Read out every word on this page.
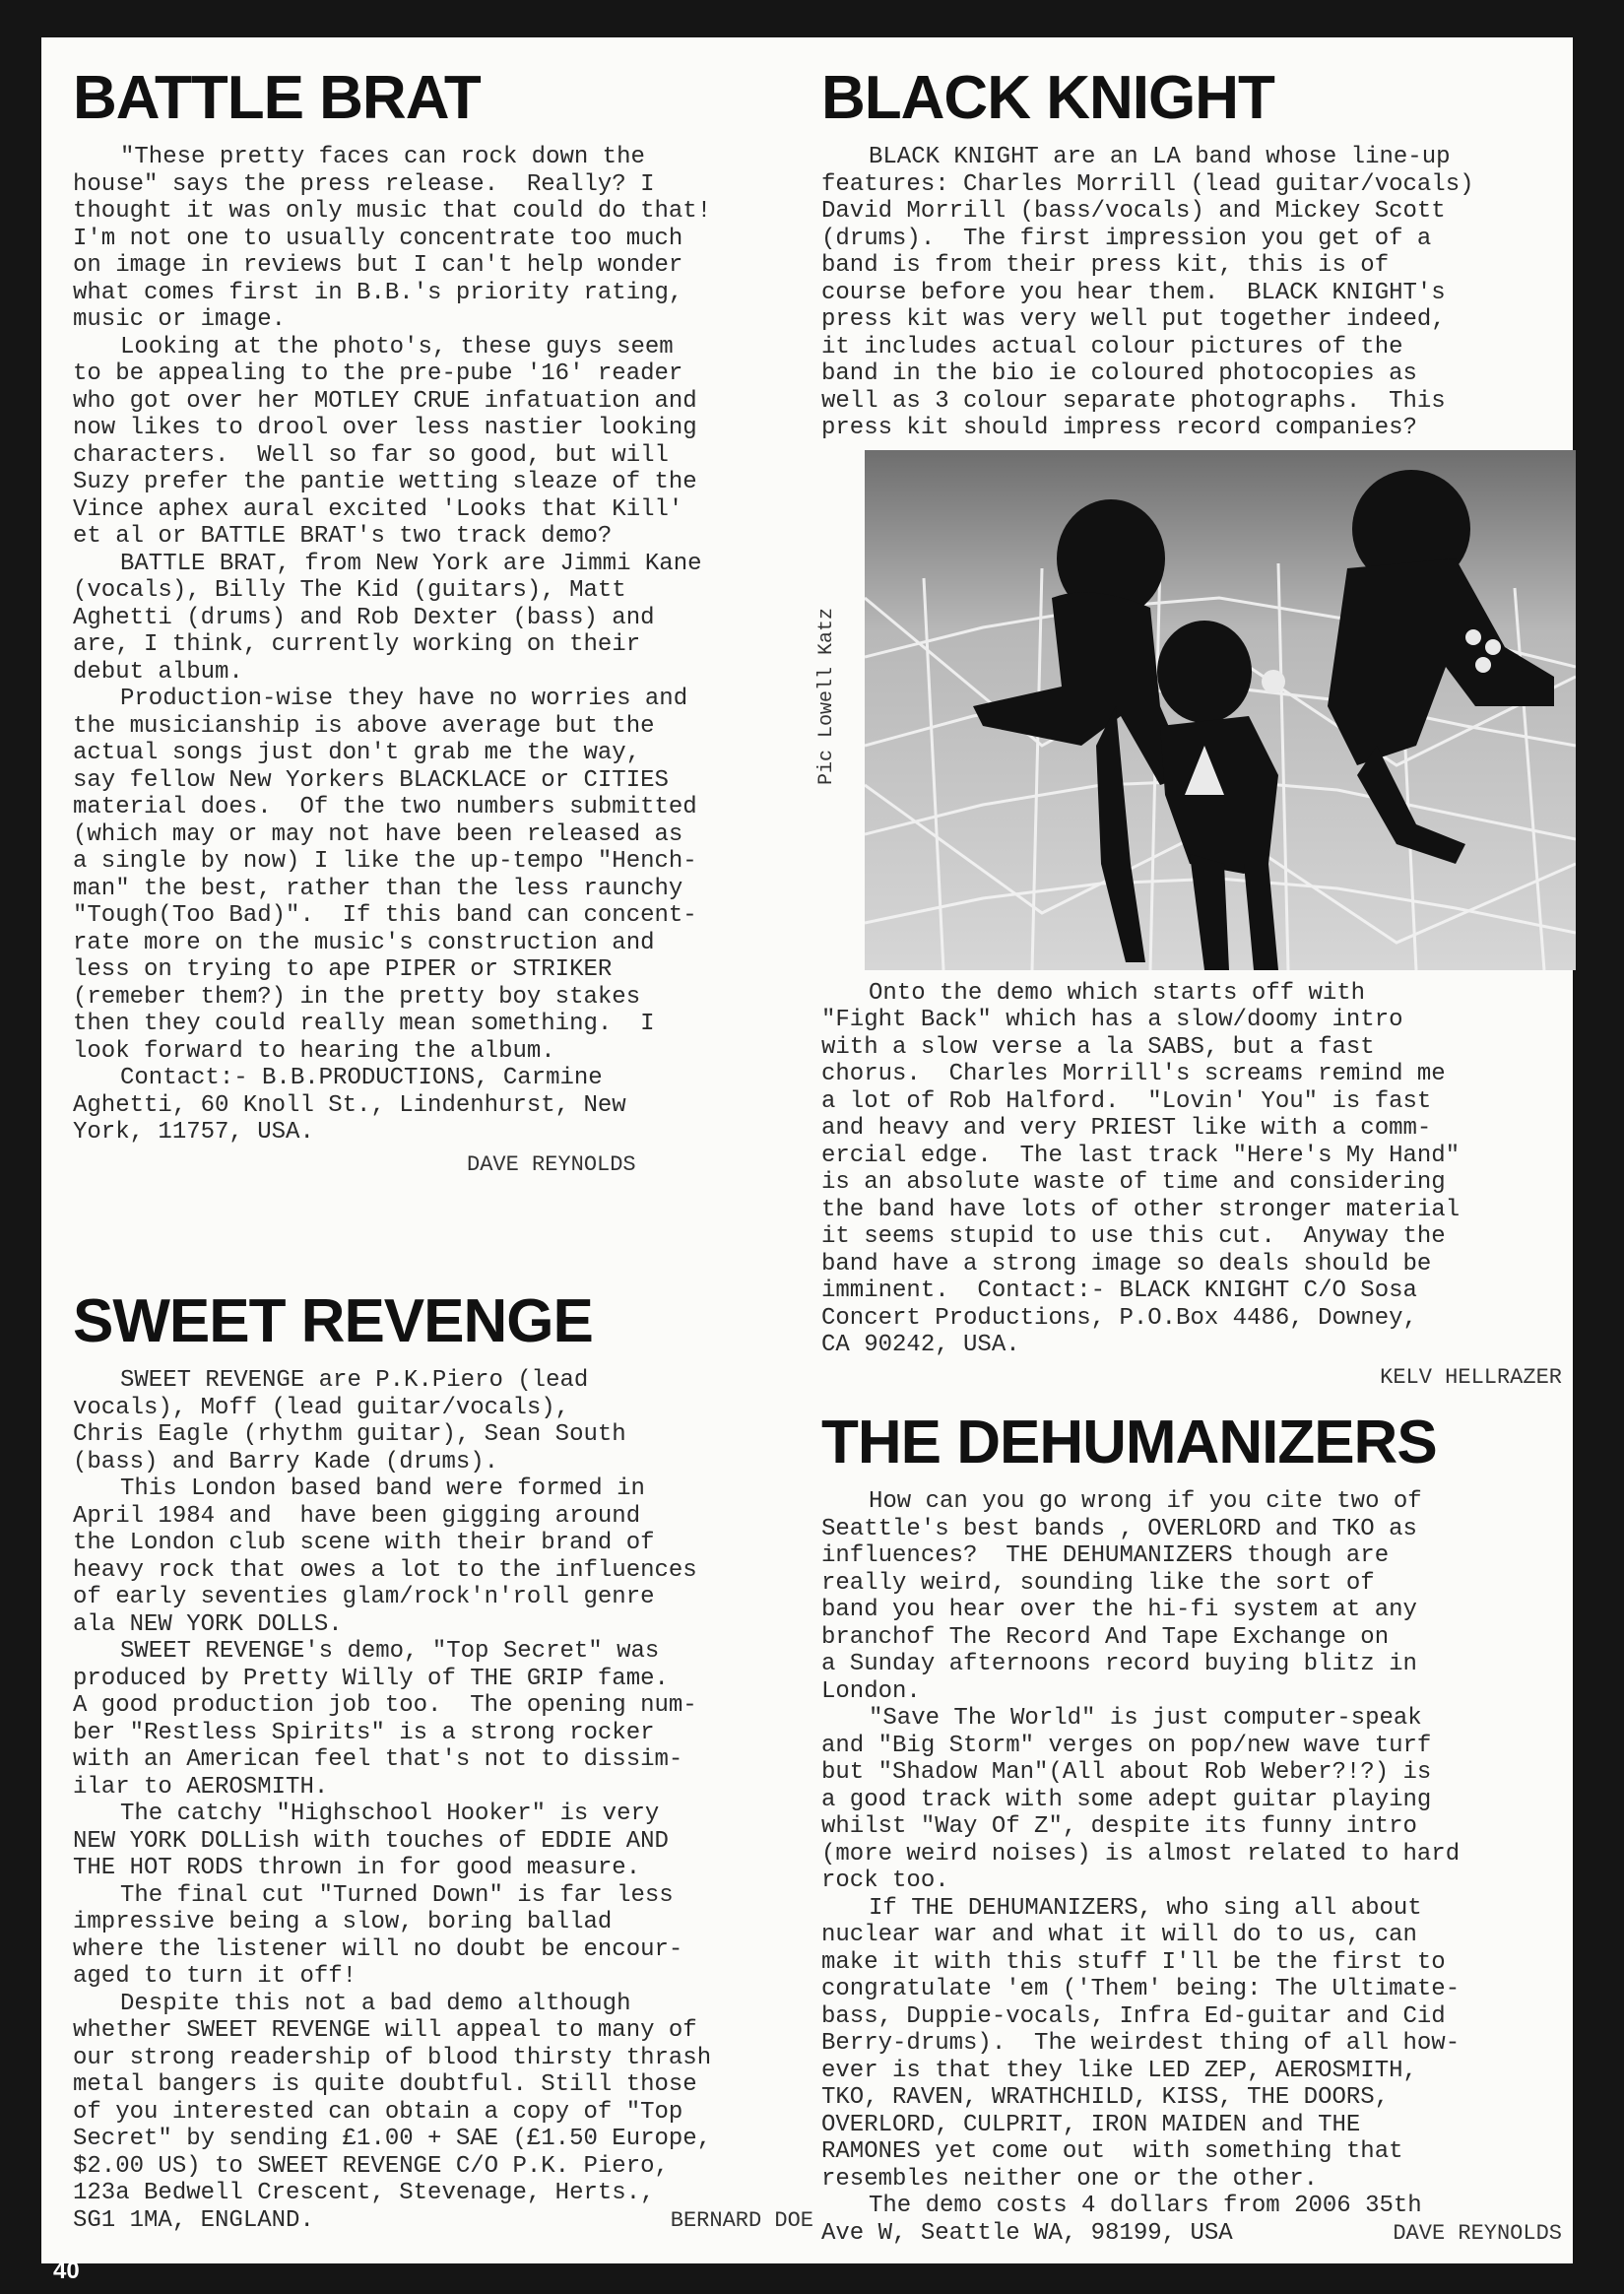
BATTLE BRAT

"These pretty faces can rock down the
house" says the press release.  Really? I
thought it was only music that could do that!
I'm not one to usually concentrate too much
on image in reviews but I can't help wonder
what comes first in B.B.'s priority rating,
music or image.

Looking at the photo's, these guys seem
to be appealing to the pre-pube '16' reader
who got over her MOTLEY CRUE infatuation and
now likes to drool over less nastier looking
characters.  Well so far so good, but will
Suzy prefer the pantie wetting sleaze of the
Vince aphex aural excited 'Looks that Kill'
et al or BATTLE BRAT's two track demo?

BATTLE BRAT, from New York are Jimmi Kane
(vocals), Billy The Kid (guitars), Matt
Aghetti (drums) and Rob Dexter (bass) and
are, I think, currently working on their
debut album.

Production-wise they have no worries and
the musicianship is above average but the
actual songs just don't grab me the way,
say fellow New Yorkers BLACKLACE or CITIES
material does.  Of the two numbers submitted
(which may or may not have been released as
a single by now) I like the up-tempo "Hench-
man" the best, rather than the less raunchy
"Tough(Too Bad)".  If this band can concent-
rate more on the music's construction and
less on trying to ape PIPER or STRIKER
(remeber them?) in the pretty boy stakes
then they could really mean something.  I
look forward to hearing the album.

Contact:- B.B.PRODUCTIONS, Carmine
Aghetti, 60 Knoll St., Lindenhurst, New
York, 11757, USA.

DAVE REYNOLDS
SWEET REVENGE

SWEET REVENGE are P.K.Piero (lead
vocals), Moff (lead guitar/vocals),
Chris Eagle (rhythm guitar), Sean South
(bass) and Barry Kade (drums).

This London based band were formed in
April 1984 and  have been gigging around
the London club scene with their brand of
heavy rock that owes a lot to the influences
of early seventies glam/rock'n'roll genre
ala NEW YORK DOLLS.

SWEET REVENGE's demo, "Top Secret" was
produced by Pretty Willy of THE GRIP fame.
A good production job too.  The opening num-
ber "Restless Spirits" is a strong rocker
with an American feel that's not to dissim-
ilar to AEROSMITH.

The catchy "Highschool Hooker" is very
NEW YORK DOLLish with touches of EDDIE AND
THE HOT RODS thrown in for good measure.

The final cut "Turned Down" is far less
impressive being a slow, boring ballad
where the listener will no doubt be encour-
aged to turn it off!

Despite this not a bad demo although
whether SWEET REVENGE will appeal to many of
our strong readership of blood thirsty thrash
metal bangers is quite doubtful. Still those
of you interested can obtain a copy of "Top
Secret" by sending £1.00 + SAE (£1.50 Europe,
$2.00 US) to SWEET REVENGE C/O P.K. Piero,
123a Bedwell Crescent, Stevenage, Herts.,
SG1 1MA, ENGLAND.	BERNARD DOE
BLACK KNIGHT

BLACK KNIGHT are an LA band whose line-up
features: Charles Morrill (lead guitar/vocals)
David Morrill (bass/vocals) and Mickey Scott
(drums).  The first impression you get of a
band is from their press kit, this is of
course before you hear them.  BLACK KNIGHT's
press kit was very well put together indeed,
it includes actual colour pictures of the
band in the bio ie coloured photocopies as
well as 3 colour separate photographs.  This
press kit should impress record companies?

Pic Lowell Katz

Onto the demo which starts off with
"Fight Back" which has a slow/doomy intro
with a slow verse a la SABS, but a fast
chorus.  Charles Morrill's screams remind me
a lot of Rob Halford.  "Lovin' You" is fast
and heavy and very PRIEST like with a comm-
ercial edge.  The last track "Here's My Hand"
is an absolute waste of time and considering
the band have lots of other stronger material
it seems stupid to use this cut.  Anyway the
band have a strong image so deals should be
imminent.  Contact:- BLACK KNIGHT C/O Sosa
Concert Productions, P.O.Box 4486, Downey,
CA 90242, USA.

KELV HELLRAZER
THE DEHUMANIZERS

How can you go wrong if you cite two of
Seattle's best bands , OVERLORD and TKO as
influences?  THE DEHUMANIZERS though are
really weird, sounding like the sort of
band you hear over the hi-fi system at any
branchof The Record And Tape Exchange on
a Sunday afternoons record buying blitz in
London.

"Save The World" is just computer-speak
and "Big Storm" verges on pop/new wave turf
but "Shadow Man"(All about Rob Weber?!?) is
a good track with some adept guitar playing
whilst "Way Of Z", despite its funny intro
(more weird noises) is almost related to hard
rock too.

If THE DEHUMANIZERS, who sing all about
nuclear war and what it will do to us, can
make it with this stuff I'll be the first to
congratulate 'em ('Them' being: The Ultimate-
bass, Duppie-vocals, Infra Ed-guitar and Cid
Berry-drums).  The weirdest thing of all how-
ever is that they like LED ZEP, AEROSMITH,
TKO, RAVEN, WRATHCHILD, KISS, THE DOORS,
OVERLORD, CULPRIT, IRON MAIDEN and THE
RAMONES yet come out  with something that
resembles neither one or the other.

The demo costs 4 dollars from 2006 35th
Ave W, Seattle WA, 98199, USA	DAVE REYNOLDS
40
